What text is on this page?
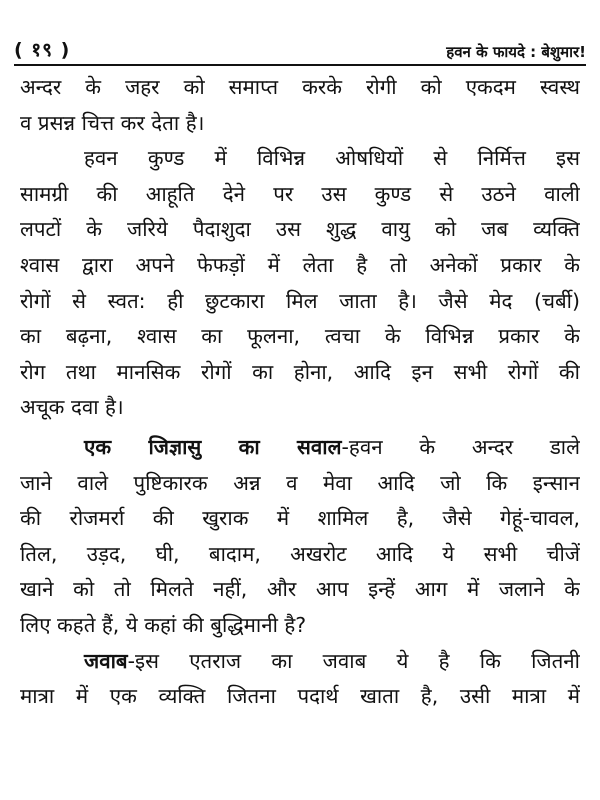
( १९ )	हवन के फायदे : बेशुमार!
अन्दर के जहर को समाप्त करके रोगी को एकदम स्वस्थ
व प्रसन्न चित्त कर देता है।
हवन कुण्ड में विभिन्न ओषधियों से निर्मित्त इस
सामग्री की आहूति देने पर उस कुण्ड से उठने वाली
लपटों के जरिये पैदाशुदा उस शुद्ध वायु को जब व्यक्ति
श्वास द्वारा अपने फेफड़ों में लेता है तो अनेकों प्रकार के
रोगों से स्वत: ही छुटकारा मिल जाता है। जैसे मेद (चर्बी)
का बढ़ना, श्वास का फूलना, त्वचा के विभिन्न प्रकार के
रोग तथा मानसिक रोगों का होना, आदि इन सभी रोगों की
अचूक दवा है।
एक जिज्ञासु का सवाल-हवन के अन्दर डाले
जाने वाले पुष्टिकारक अन्न व मेवा आदि जो कि इन्सान
की रोजमर्रा की खुराक में शामिल है, जैसे गेहूं-चावल,
तिल, उड़द, घी, बादाम, अखरोट आदि ये सभी चीजें
खाने को तो मिलते नहीं, और आप इन्हें आग में जलाने के
लिए कहते हैं, ये कहां की बुद्धिमानी है?
जवाब-इस एतराज का जवाब ये है कि जितनी
मात्रा में एक व्यक्ति जितना पदार्थ खाता है, उसी मात्रा में
